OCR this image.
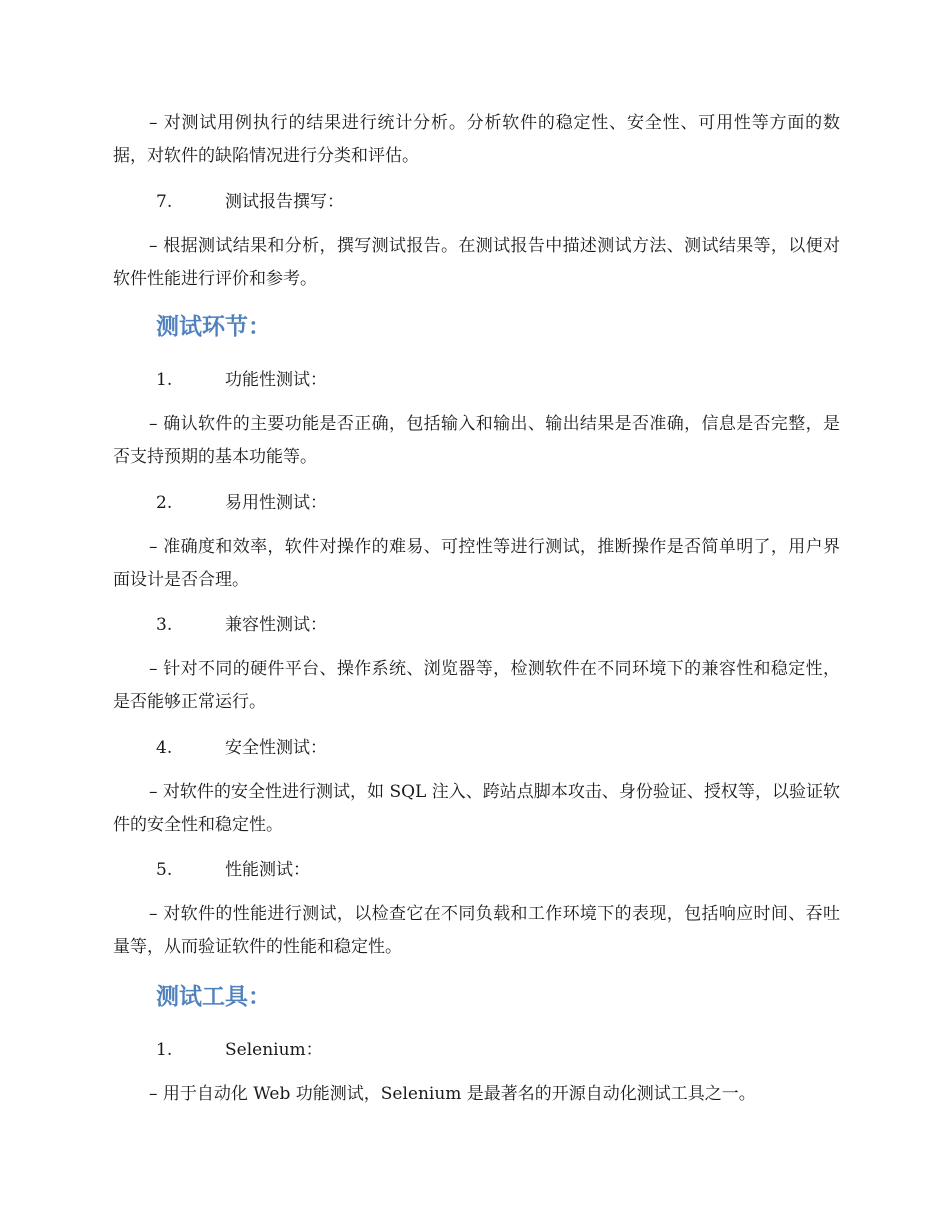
– 对测试用例执行的结果进行统计分析。分析软件的稳定性、安全性、可用性等方面的数据，对软件的缺陷情况进行分类和评估。

7.	测试报告撰写：

– 根据测试结果和分析，撰写测试报告。在测试报告中描述测试方法、测试结果等，以便对软件性能进行评价和参考。

测试环节：
1.	功能性测试：

– 确认软件的主要功能是否正确，包括输入和输出、输出结果是否准确，信息是否完整，是否支持预期的基本功能等。

2.	易用性测试：

– 准确度和效率，软件对操作的难易、可控性等进行测试，推断操作是否简单明了，用户界面设计是否合理。

3.	兼容性测试：

– 针对不同的硬件平台、操作系统、浏览器等，检测软件在不同环境下的兼容性和稳定性，是否能够正常运行。

4.	安全性测试：

– 对软件的安全性进行测试，如 SQL 注入、跨站点脚本攻击、身份验证、授权等，以验证软件的安全性和稳定性。

5.	性能测试：

– 对软件的性能进行测试，以检查它在不同负载和工作环境下的表现，包括响应时间、吞吐量等，从而验证软件的性能和稳定性。

测试工具：
1.	Selenium：

– 用于自动化 Web 功能测试，Selenium 是最著名的开源自动化测试工具之一。
